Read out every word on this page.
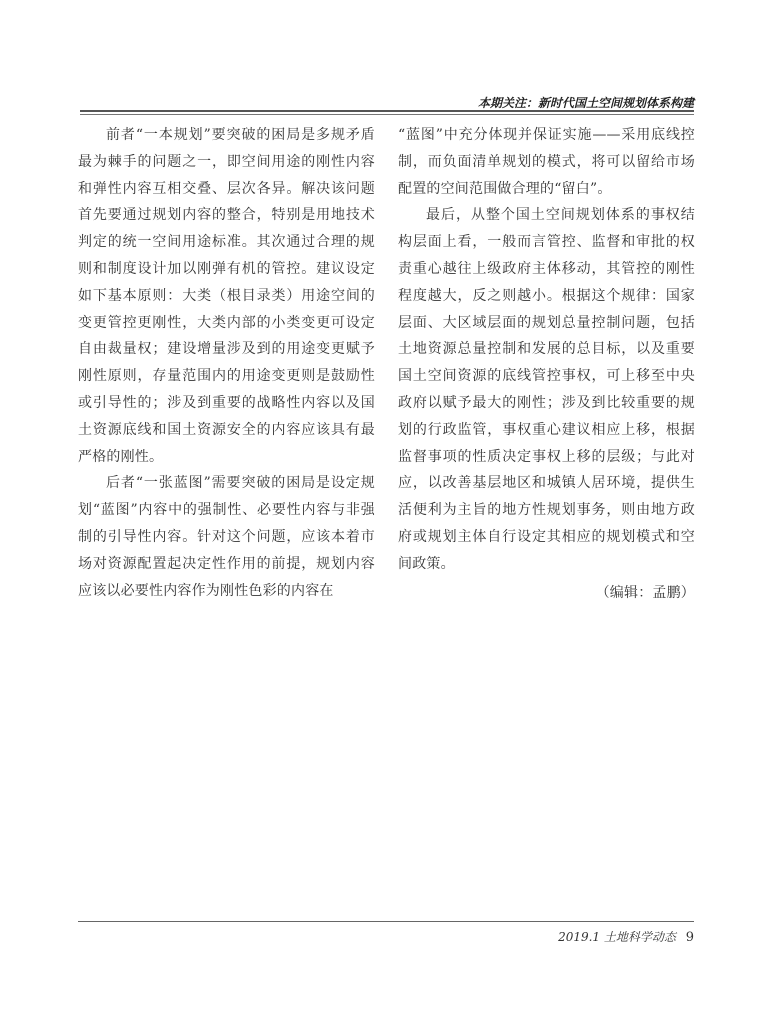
本期关注：新时代国土空间规划体系构建

前者“一本规划”要突破的困局是多规矛盾最为棘手的问题之一，即空间用途的刚性内容和弹性内容互相交叠、层次各异。解决该问题首先要通过规划内容的整合，特别是用地技术判定的统一空间用途标准。其次通过合理的规则和制度设计加以刚弹有机的管控。建议设定如下基本原则：大类（根目录类）用途空间的变更管控更刚性，大类内部的小类变更可设定自由裁量权；建设增量涉及到的用途变更赋予刚性原则，存量范围内的用途变更则是鼓励性或引导性的；涉及到重要的战略性内容以及国土资源底线和国土资源安全的内容应该具有最严格的刚性。

后者“一张蓝图”需要突破的困局是设定规划“蓝图”内容中的强制性、必要性内容与非强制的引导性内容。针对这个问题，应该本着市场对资源配置起决定性作用的前提，规划内容应该以必要性内容作为刚性色彩的内容在

“蓝图”中充分体现并保证实施——采用底线控制，而负面清单规划的模式，将可以留给市场配置的空间范围做合理的“留白”。

最后，从整个国土空间规划体系的事权结构层面上看，一般而言管控、监督和审批的权责重心越往上级政府主体移动，其管控的刚性程度越大，反之则越小。根据这个规律：国家层面、大区域层面的规划总量控制问题，包括土地资源总量控制和发展的总目标，以及重要国土空间资源的底线管控事权，可上移至中央政府以赋予最大的刚性；涉及到比较重要的规划的行政监管，事权重心建议相应上移，根据监督事项的性质决定事权上移的层级；与此对应，以改善基层地区和城镇人居环境，提供生活便利为主旨的地方性规划事务，则由地方政府或规划主体自行设定其相应的规划模式和空间政策。

（编辑：孟鹏）

2019.1 土地科学动态 9
